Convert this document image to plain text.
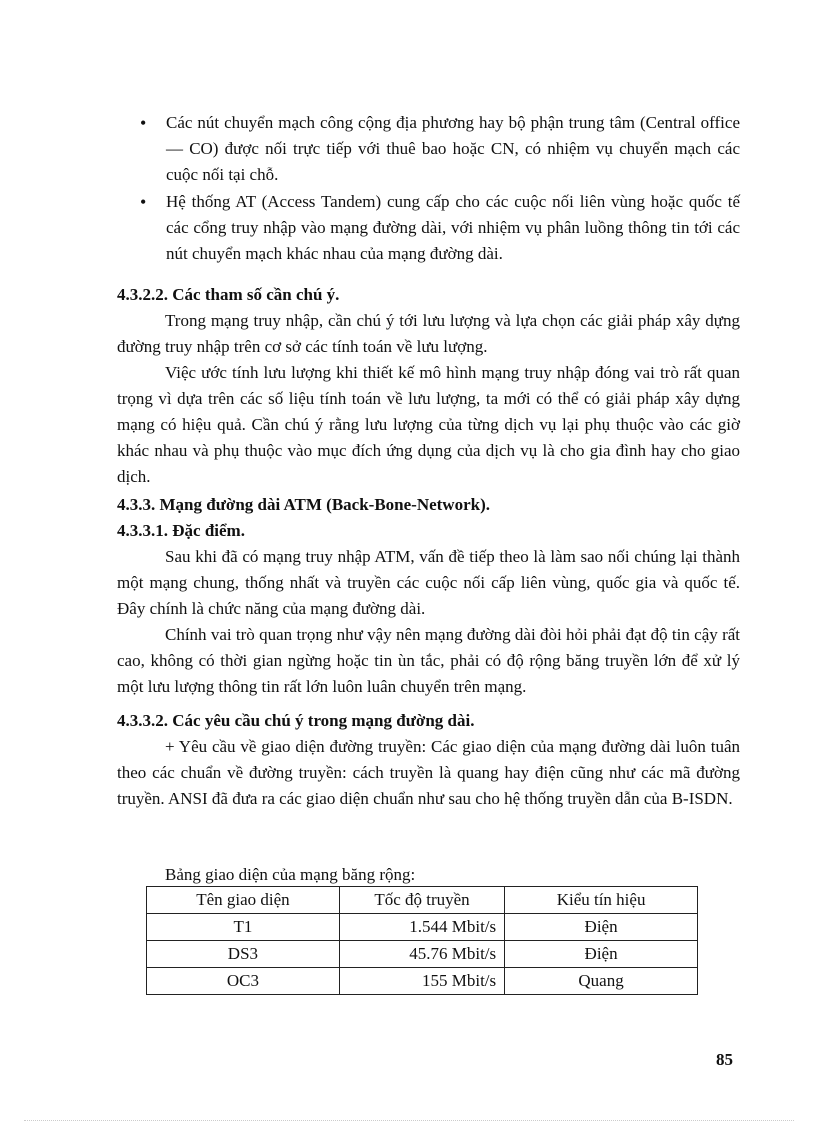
• Các nút chuyển mạch công cộng địa phương hay bộ phận trung tâm (Central office — CO) được nối trực tiếp với thuê bao hoặc CN, có nhiệm vụ chuyển mạch các cuộc nối tại chỗ.
• Hệ thống AT (Access Tandem) cung cấp cho các cuộc nối liên vùng hoặc quốc tế các cổng truy nhập vào mạng đường dài, với nhiệm vụ phân luồng thông tin tới các nút chuyển mạch khác nhau của mạng đường dài.
4.3.2.2. Các tham số cần chú ý.
Trong mạng truy nhập, cần chú ý tới lưu lượng và lựa chọn các giải pháp xây dựng đường truy nhập trên cơ sở các tính toán về lưu lượng.
Việc ước tính lưu lượng khi thiết kế mô hình mạng truy nhập đóng vai trò rất quan trọng vì dựa trên các số liệu tính toán về lưu lượng, ta mới có thể có giải pháp xây dựng mạng có hiệu quả. Cần chú ý rằng lưu lượng của từng dịch vụ lại phụ thuộc vào các giờ khác nhau và phụ thuộc vào mục đích ứng dụng của dịch vụ là cho gia đình hay cho giao dịch.
4.3.3. Mạng đường dài ATM (Back-Bone-Network).
4.3.3.1. Đặc điểm.
Sau khi đã có mạng truy nhập ATM, vấn đề tiếp theo là làm sao nối chúng lại thành một mạng chung, thống nhất và truyền các cuộc nối cấp liên vùng, quốc gia và quốc tế. Đây chính là chức năng của mạng đường dài.
Chính vai trò quan trọng như vậy nên mạng đường dài đòi hỏi phải đạt độ tin cậy rất cao, không có thời gian ngừng hoặc tin ùn tắc, phải có độ rộng băng truyền lớn để xử lý một lưu lượng thông tin rất lớn luôn luân chuyển trên mạng.
4.3.3.2. Các yêu cầu chú ý trong mạng đường dài.
+ Yêu cầu về giao diện đường truyền: Các giao diện của mạng đường dài luôn tuân theo các chuẩn về đường truyền: cách truyền là quang hay điện cũng như các mã đường truyền. ANSI đã đưa ra các giao diện chuẩn như sau cho hệ thống truyền dẫn của B-ISDN.
Bảng giao diện của mạng băng rộng:
Tên giao diện	Tốc độ truyền	Kiểu tín hiệu
T1	1.544 Mbit/s	Điện
DS3	45.76 Mbit/s	Điện
OC3	155 Mbit/s	Quang
85
